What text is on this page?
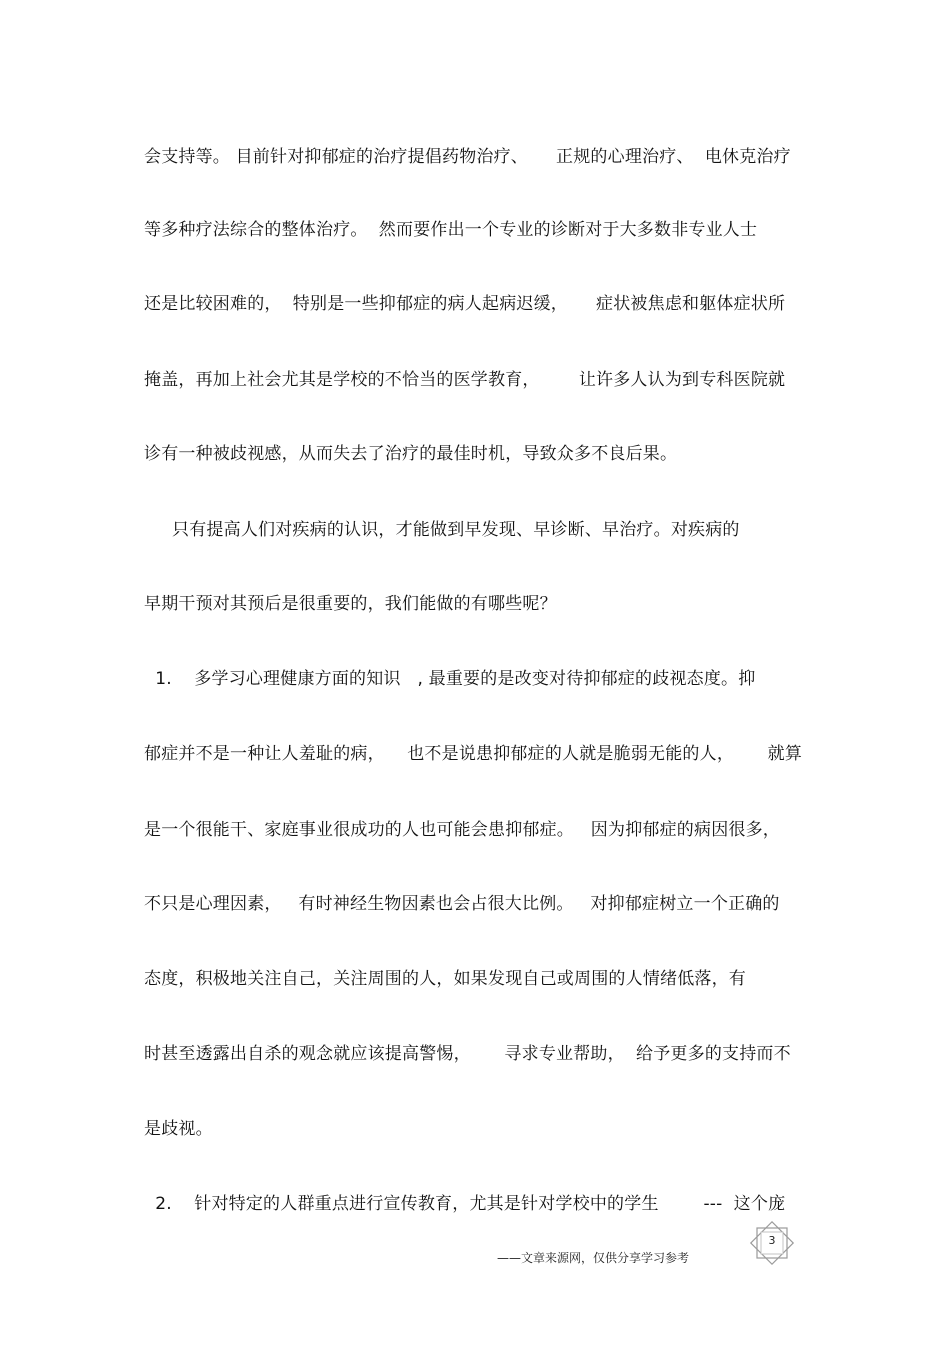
会支持等。 目前针对抑郁症的治疗提倡药物治疗、     正规的心理治疗、  电休克治疗
等多种疗法综合的整体治疗。  然而要作出一个专业的诊断对于大多数非专业人士
还是比较困难的，  特别是一些抑郁症的病人起病迟缓，     症状被焦虑和躯体症状所
掩盖，再加上社会尤其是学校的不恰当的医学教育，       让许多人认为到专科医院就
诊有一种被歧视感，从而失去了治疗的最佳时机，导致众多不良后果。
只有提高人们对疾病的认识，才能做到早发现、早诊断、早治疗。对疾病的
早期干预对其预后是很重要的，我们能做的有哪些呢？
1.    多学习心理健康方面的知识   , 最重要的是改变对待抑郁症的歧视态度。抑
郁症并不是一种让人羞耻的病，    也不是说患抑郁症的人就是脆弱无能的人，      就算
是一个很能干、家庭事业很成功的人也可能会患抑郁症。   因为抑郁症的病因很多，
不只是心理因素，   有时神经生物因素也会占很大比例。   对抑郁症树立一个正确的
态度，积极地关注自己，关注周围的人，如果发现自己或周围的人情绪低落，有
时甚至透露出自杀的观念就应该提高警惕，      寻求专业帮助，  给予更多的支持而不
是歧视。
2.    针对特定的人群重点进行宣传教育，尤其是针对学校中的学生        ---  这个庞
3
——文章来源网，仅供分享学习参考
